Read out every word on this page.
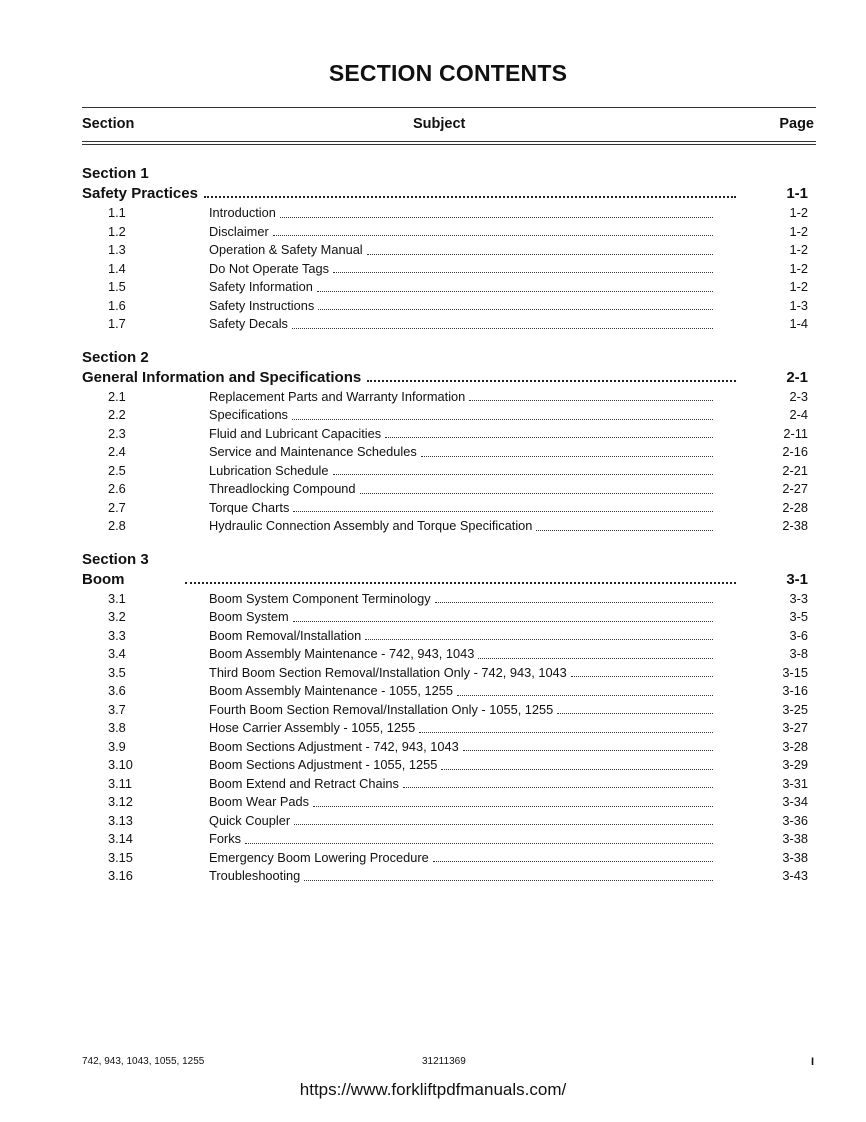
SECTION CONTENTS
Section	Subject	Page
Section 1
Safety Practices	1-1
1.1	Introduction	1-2
1.2	Disclaimer	1-2
1.3	Operation & Safety Manual	1-2
1.4	Do Not Operate Tags	1-2
1.5	Safety Information	1-2
1.6	Safety Instructions	1-3
1.7	Safety Decals	1-4
Section 2
General Information and Specifications	2-1
2.1	Replacement Parts and Warranty Information	2-3
2.2	Specifications	2-4
2.3	Fluid and Lubricant Capacities	2-11
2.4	Service and Maintenance Schedules	2-16
2.5	Lubrication Schedule	2-21
2.6	Threadlocking Compound	2-27
2.7	Torque Charts	2-28
2.8	Hydraulic Connection Assembly and Torque Specification	2-38
Section 3
Boom	3-1
3.1	Boom System Component Terminology	3-3
3.2	Boom System	3-5
3.3	Boom Removal/Installation	3-6
3.4	Boom Assembly Maintenance - 742, 943, 1043	3-8
3.5	Third Boom Section Removal/Installation Only - 742, 943, 1043	3-15
3.6	Boom Assembly Maintenance - 1055, 1255	3-16
3.7	Fourth Boom Section Removal/Installation Only - 1055, 1255	3-25
3.8	Hose Carrier Assembly - 1055, 1255	3-27
3.9	Boom Sections Adjustment - 742, 943, 1043	3-28
3.10	Boom Sections Adjustment - 1055, 1255	3-29
3.11	Boom Extend and Retract Chains	3-31
3.12	Boom Wear Pads	3-34
3.13	Quick Coupler	3-36
3.14	Forks	3-38
3.15	Emergency Boom Lowering Procedure	3-38
3.16	Troubleshooting	3-43
742, 943, 1043, 1055, 1255	31211369	I
https://www.forkliftpdfmanuals.com/
